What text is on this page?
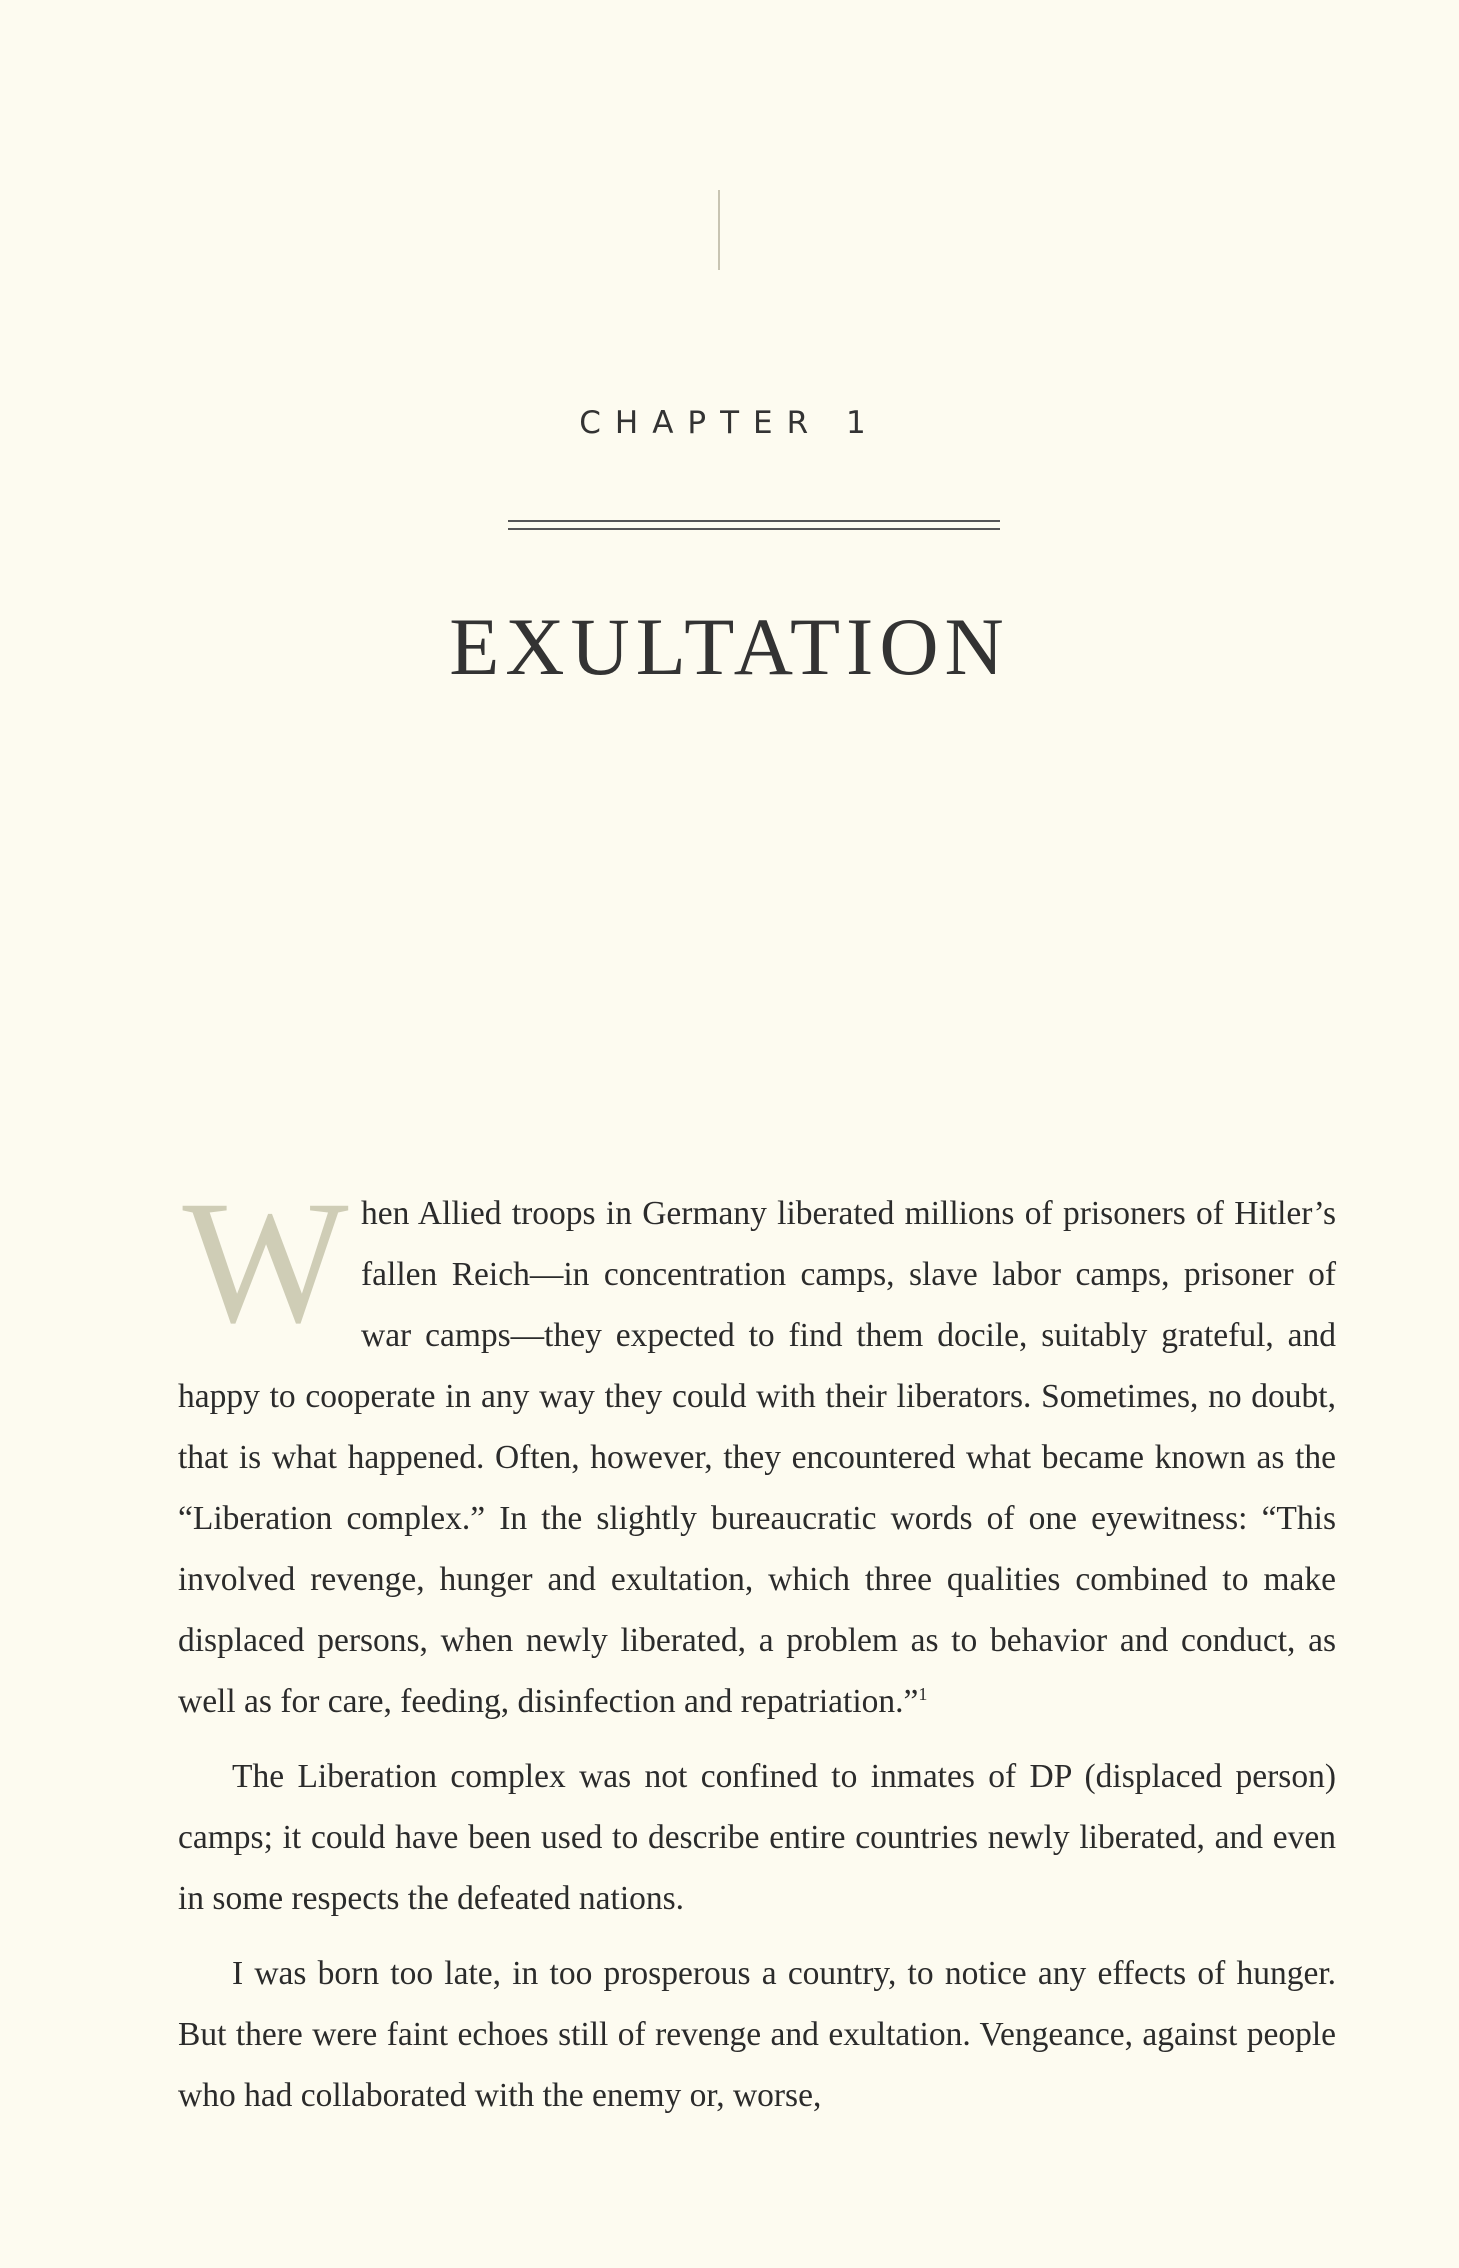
CHAPTER 1
EXULTATION

When Allied troops in Germany liberated millions of prisoners of Hitler’s fallen Reich—in concentration camps, slave labor camps, prisoner of war camps—they expected to find them docile, suitably grateful, and happy to cooperate in any way they could with their liberators. Sometimes, no doubt, that is what happened. Often, however, they encountered what became known as the “Liberation complex.” In the slightly bureaucratic words of one eyewitness: “This involved revenge, hunger and exultation, which three qualities combined to make displaced persons, when newly liberated, a problem as to behavior and conduct, as well as for care, feeding, disinfection and repatriation.”$^1$

The Liberation complex was not confined to inmates of DP (displaced person) camps; it could have been used to describe entire countries newly liberated, and even in some respects the defeated nations.

I was born too late, in too prosperous a country, to notice any effects of hunger. But there were faint echoes still of revenge and exultation. Vengeance, against people who had collaborated with the enemy or, worse,
